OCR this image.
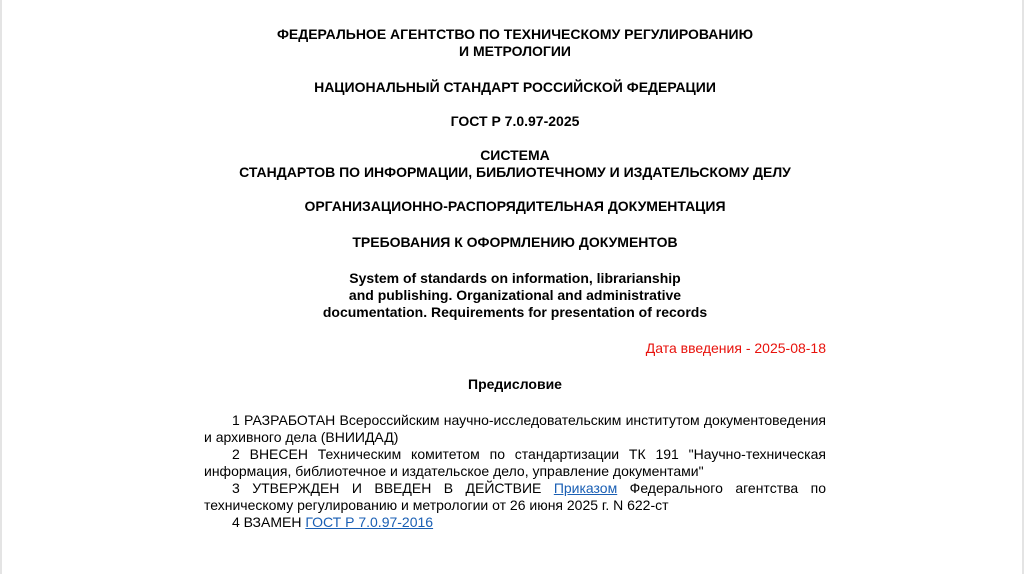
ФЕДЕРАЛЬНОЕ АГЕНТСТВО ПО ТЕХНИЧЕСКОМУ РЕГУЛИРОВАНИЮ
И МЕТРОЛОГИИ
НАЦИОНАЛЬНЫЙ СТАНДАРТ РОССИЙСКОЙ ФЕДЕРАЦИИ
ГОСТ Р 7.0.97-2025
СИСТЕМА
СТАНДАРТОВ ПО ИНФОРМАЦИИ, БИБЛИОТЕЧНОМУ И ИЗДАТЕЛЬСКОМУ ДЕЛУ
ОРГАНИЗАЦИОННО-РАСПОРЯДИТЕЛЬНАЯ ДОКУМЕНТАЦИЯ
ТРЕБОВАНИЯ К ОФОРМЛЕНИЮ ДОКУМЕНТОВ
System of standards on information, librarianship
and publishing. Organizational and administrative
documentation. Requirements for presentation of records
Дата введения - 2025-08-18
Предисловие
1 РАЗРАБОТАН Всероссийским научно-исследовательским институтом документоведения и архивного дела (ВНИИДАД)
2 ВНЕСЕН Техническим комитетом по стандартизации ТК 191 "Научно-техническая информация, библиотечное и издательское дело, управление документами"
3 УТВЕРЖДЕН И ВВЕДЕН В ДЕЙСТВИЕ Приказом Федерального агентства по техническому регулированию и метрологии от 26 июня 2025 г. N 622-ст
4 ВЗАМЕН ГОСТ Р 7.0.97-2016
